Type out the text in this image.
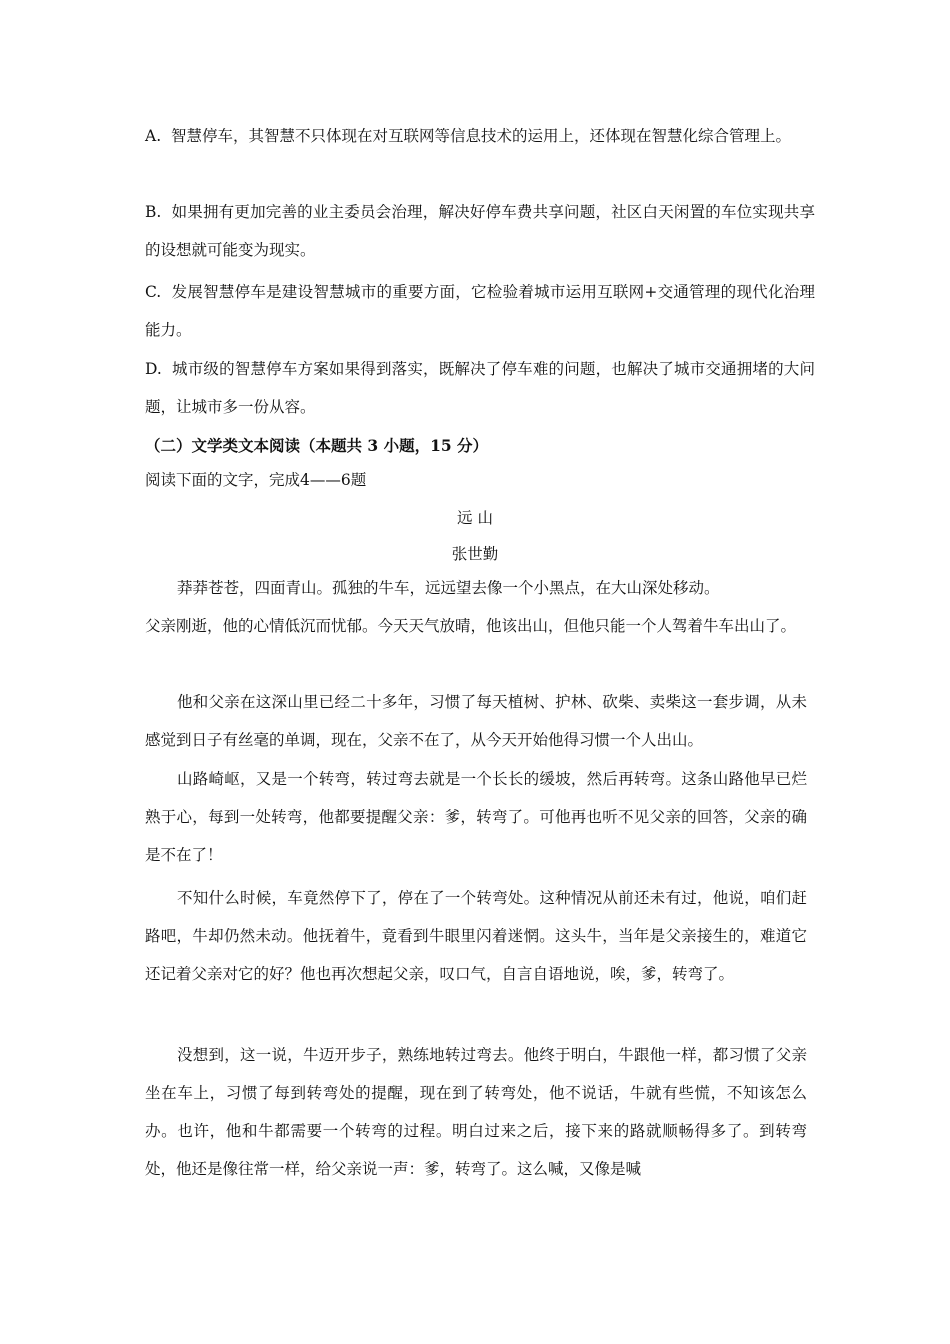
A. 智慧停车，其智慧不只体现在对互联网等信息技术的运用上，还体现在智慧化综合管理上。

B. 如果拥有更加完善的业主委员会治理，解决好停车费共享问题，社区白天闲置的车位实现共享的设想就可能变为现实。

C. 发展智慧停车是建设智慧城市的重要方面，它检验着城市运用互联网+交通管理的现代化治理能力。

D. 城市级的智慧停车方案如果得到落实，既解决了停车难的问题，也解决了城市交通拥堵的大问题，让城市多一份从容。

（二）文学类文本阅读（本题共 3 小题，15 分）

阅读下面的文字，完成4——6题

远 山

张世勤

莽莽苍苍，四面青山。孤独的牛车，远远望去像一个小黑点，在大山深处移动。

父亲刚逝，他的心情低沉而忧郁。今天天气放晴，他该出山，但他只能一个人驾着牛车出山了。

他和父亲在这深山里已经二十多年，习惯了每天植树、护林、砍柴、卖柴这一套步调，从未感觉到日子有丝毫的单调，现在，父亲不在了，从今天开始他得习惯一个人出山。

山路崎岖，又是一个转弯，转过弯去就是一个长长的缓坡，然后再转弯。这条山路他早已烂熟于心，每到一处转弯，他都要提醒父亲：爹，转弯了。可他再也听不见父亲的回答，父亲的确是不在了！

不知什么时候，车竟然停下了，停在了一个转弯处。这种情况从前还未有过，他说，咱们赶路吧，牛却仍然未动。他抚着牛，竟看到牛眼里闪着迷惘。这头牛，当年是父亲接生的，难道它还记着父亲对它的好？他也再次想起父亲，叹口气，自言自语地说，唉，爹，转弯了。

没想到，这一说，牛迈开步子，熟练地转过弯去。他终于明白，牛跟他一样，都习惯了父亲坐在车上，习惯了每到转弯处的提醒，现在到了转弯处，他不说话，牛就有些慌，不知该怎么办。也许，他和牛都需要一个转弯的过程。明白过来之后，接下来的路就顺畅得多了。到转弯处，他还是像往常一样，给父亲说一声：爹，转弯了。这么喊，又像是喊
